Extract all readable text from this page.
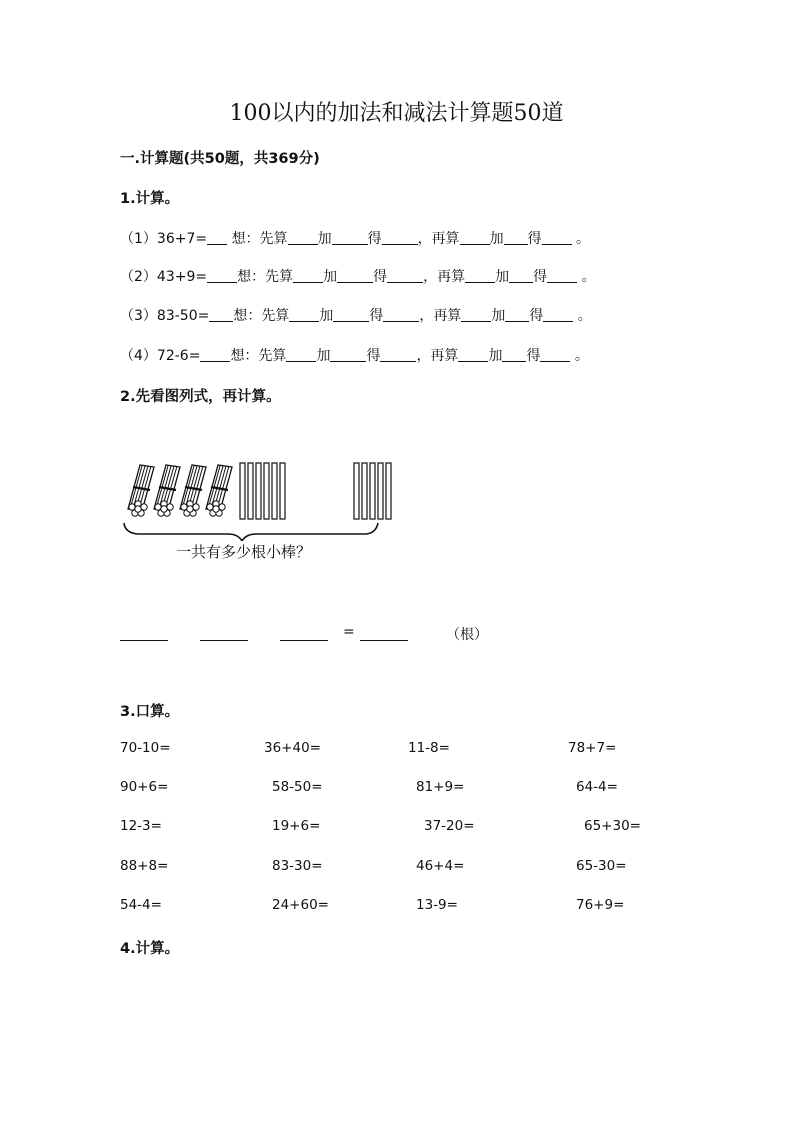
100以内的加法和减法计算题50道
一.计算题(共50题，共369分)
1.计算。
（1）36+7= 想：先算 加	得	，再算 加 得 。
（2）43+9= 想：先算 加	得	，再算 加 得 。
（3）83-50= 想：先算 加	得	，再算 加 得 。
（4）72-6= 想：先算 加	得	，再算 加 得 。
2.先看图列式，再计算。
一共有多少根小棒？
=	（根）
3.口算。
70-10=	36+40=	11-8=	78+7=
90+6=	58-50=	81+9=	64-4=
12-3=	19+6=	37-20=	65+30=
88+8=	83-30=	46+4=	65-30=
54-4=	24+60=	13-9=	76+9=
4.计算。
